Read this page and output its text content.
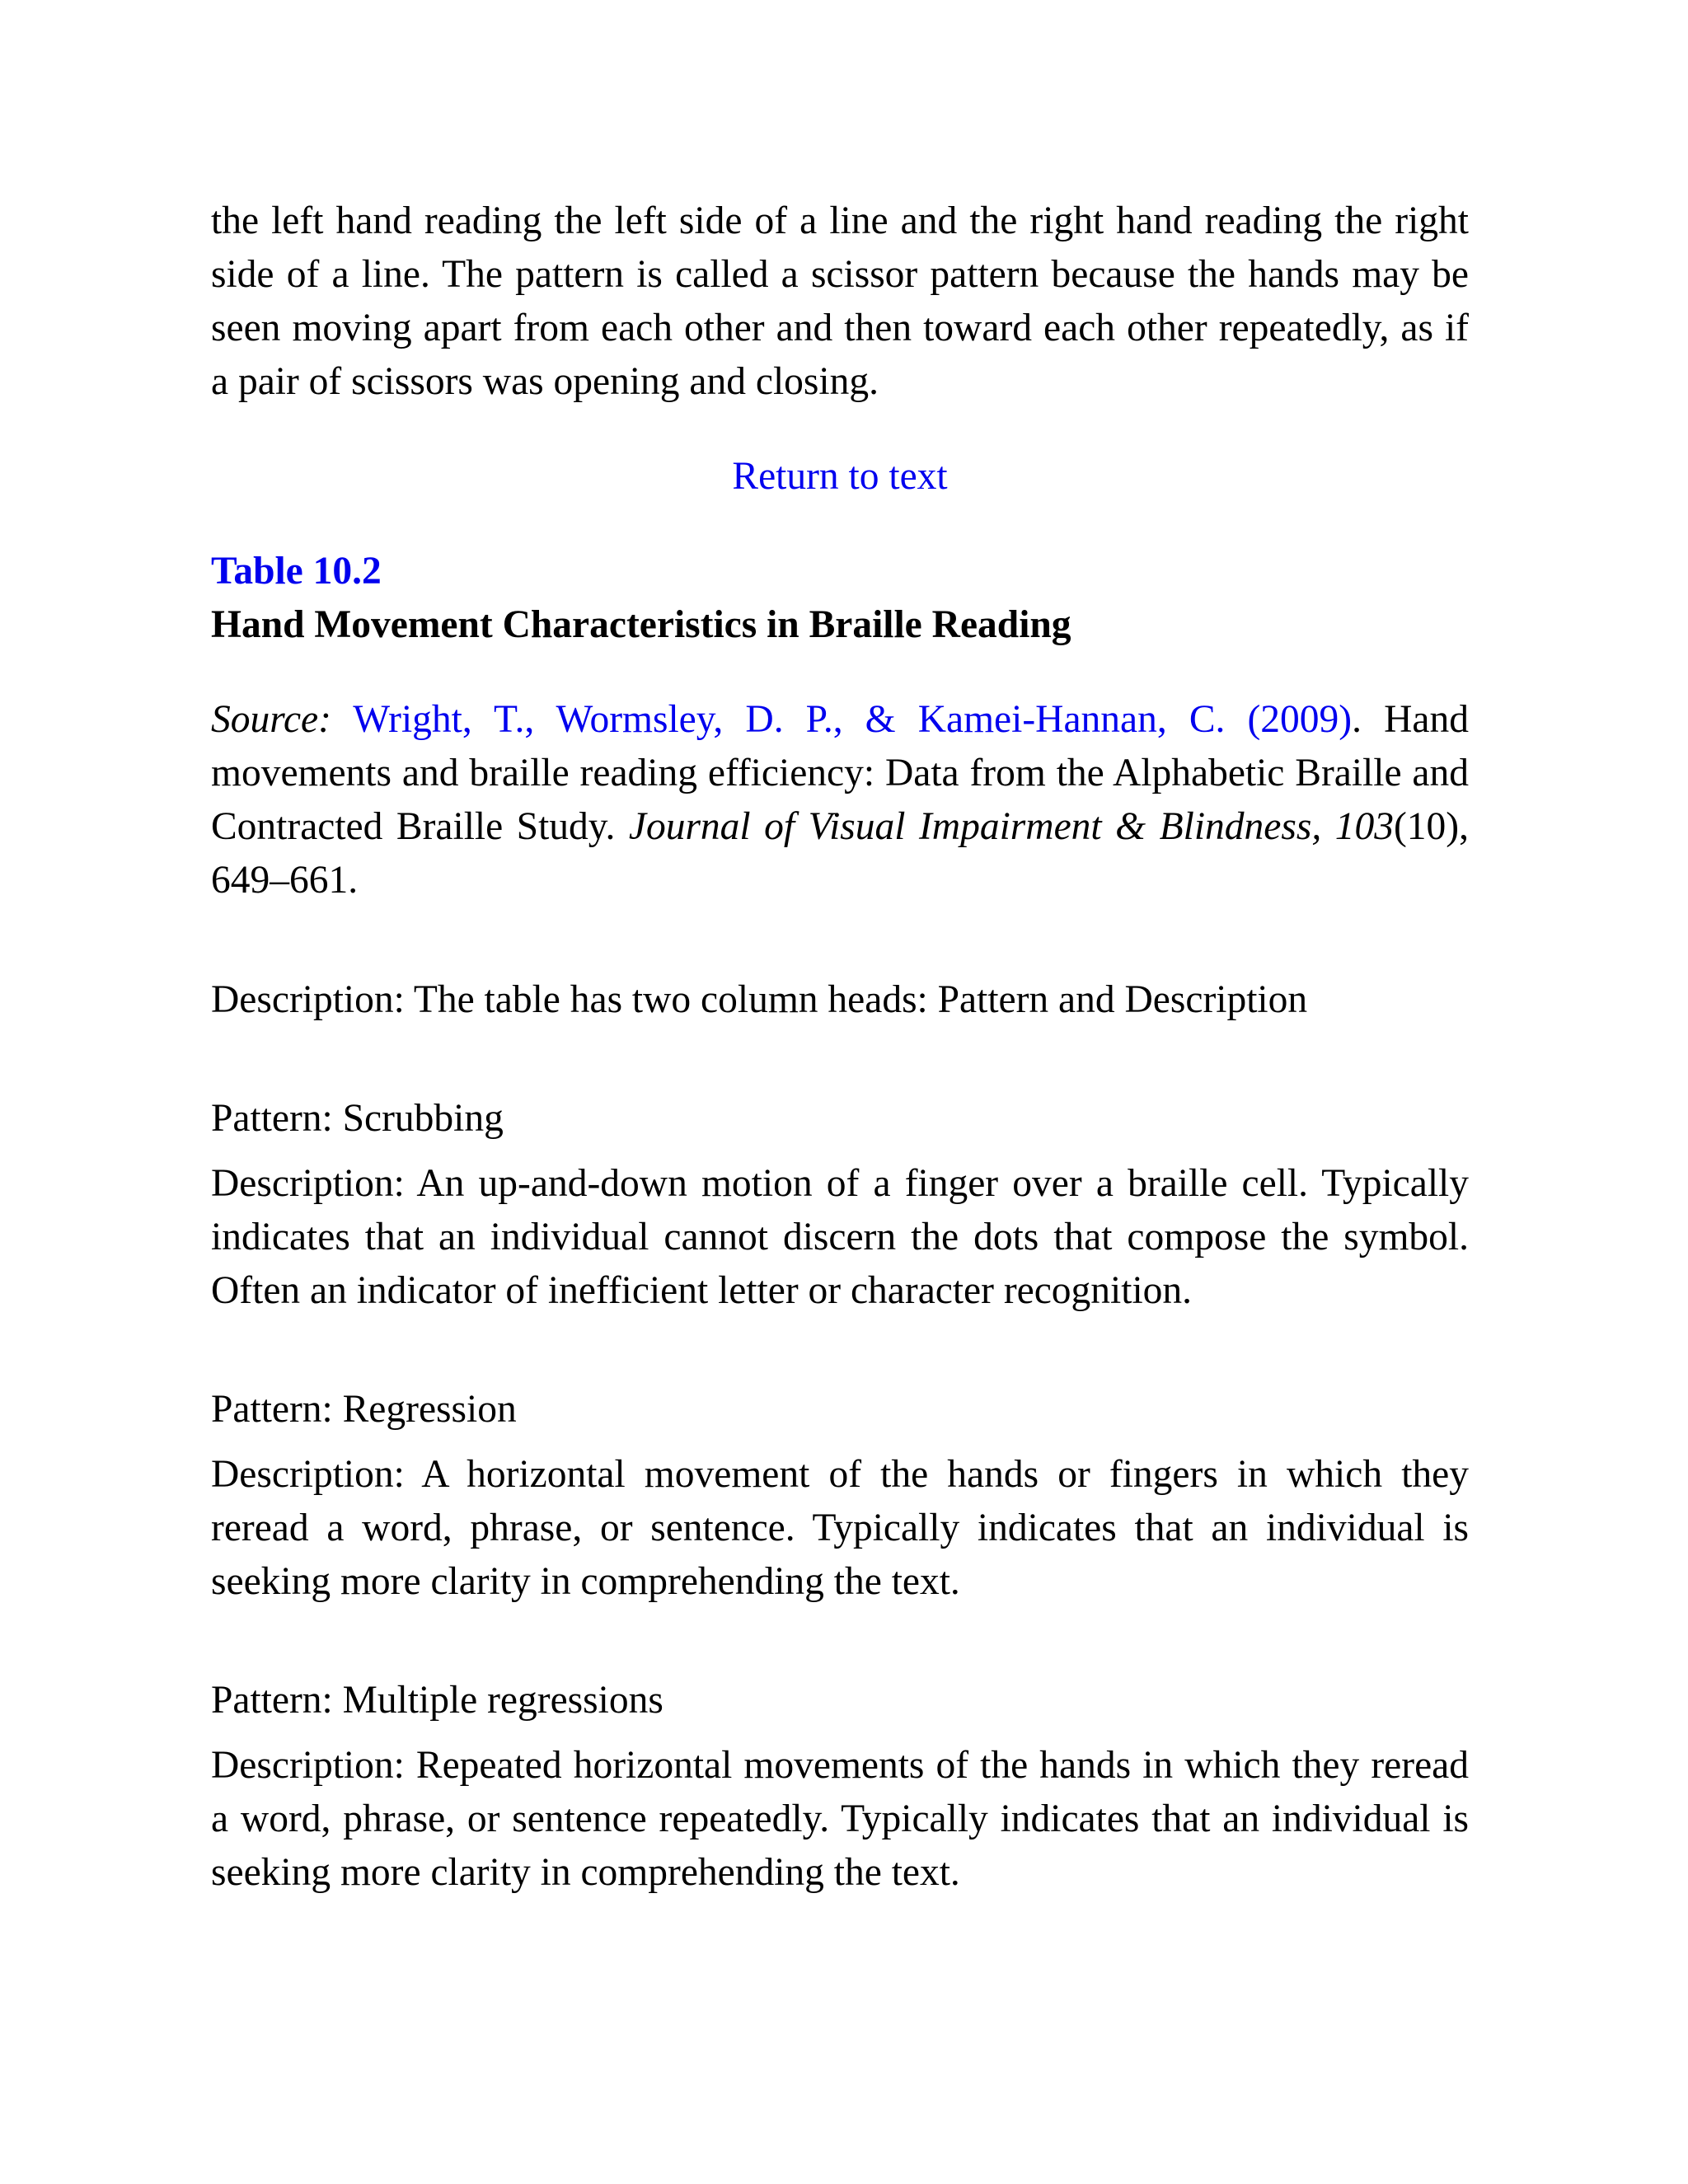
the left hand reading the left side of a line and the right hand reading the right side of a line. The pattern is called a scissor pattern because the hands may be seen moving apart from each other and then toward each other repeatedly, as if a pair of scissors was opening and closing.

Return to text

Table 10.2

Hand Movement Characteristics in Braille Reading

Source: Wright, T., Wormsley, D. P., & Kamei-Hannan, C. (2009). Hand movements and braille reading efficiency: Data from the Alphabetic Braille and Contracted Braille Study. Journal of Visual Impairment & Blindness, 103(10), 649–661.

Description: The table has two column heads: Pattern and Description

Pattern: Scrubbing

Description: An up-and-down motion of a finger over a braille cell. Typically indicates that an individual cannot discern the dots that compose the symbol. Often an indicator of inefficient letter or character recognition.

Pattern: Regression

Description: A horizontal movement of the hands or fingers in which they reread a word, phrase, or sentence. Typically indicates that an individual is seeking more clarity in comprehending the text.

Pattern: Multiple regressions

Description: Repeated horizontal movements of the hands in which they reread a word, phrase, or sentence repeatedly. Typically indicates that an individual is seeking more clarity in comprehending the text.
